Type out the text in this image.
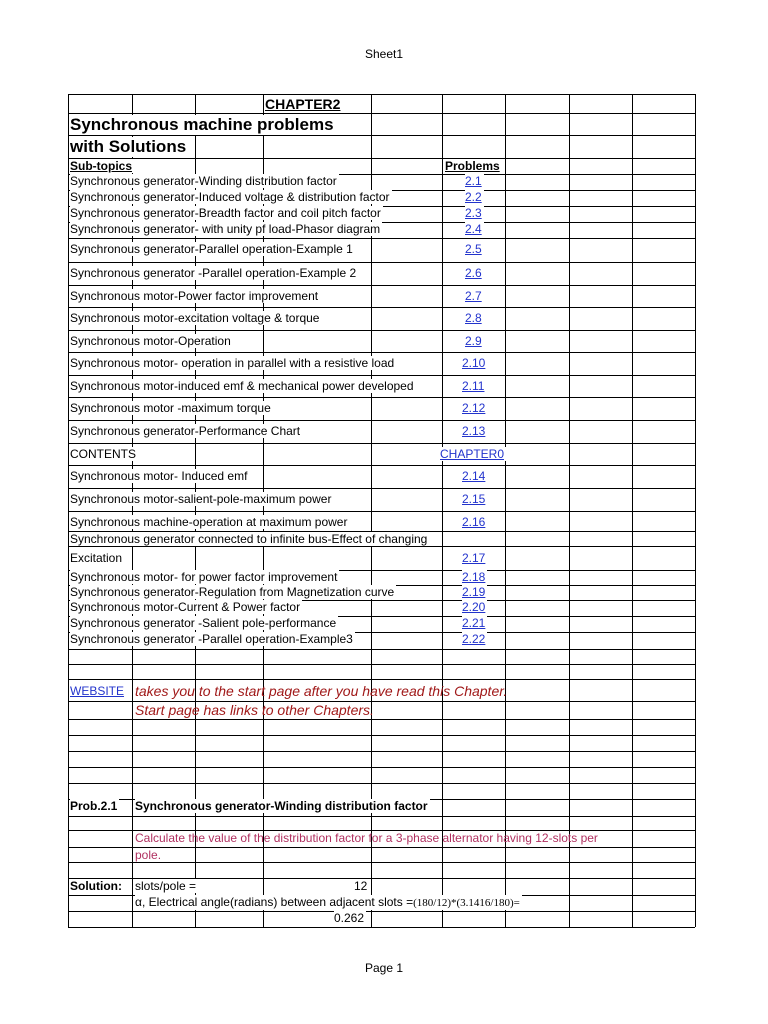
Sheet1
CHAPTER2
Synchronous machine problems
with Solutions
Sub-topics	Problems
Synchronous generator-Winding distribution factor	2.1
Synchronous generator-Induced voltage & distribution factor	2.2
Synchronous generator-Breadth factor and coil pitch factor	2.3
Synchronous generator- with unity pf load-Phasor diagram	2.4
Synchronous generator-Parallel operation-Example 1	2.5
Synchronous generator -Parallel operation-Example 2	2.6
Synchronous motor-Power factor improvement	2.7
Synchronous motor-excitation voltage & torque	2.8
Synchronous motor-Operation	2.9
Synchronous motor- operation in parallel with a resistive load	2.10
Synchronous motor-induced emf & mechanical power developed	2.11
Synchronous motor -maximum torque	2.12
Synchronous generator-Performance Chart	2.13
CONTENTS	CHAPTER0
Synchronous motor- Induced emf	2.14
Synchronous motor-salient-pole-maximum power	2.15
Synchronous machine-operation at maximum power	2.16
Synchronous generator connected to infinite bus-Effect of changing
Excitation	2.17
Synchronous motor- for power factor improvement	2.18
Synchronous generator-Regulation from Magnetization curve	2.19
Synchronous motor-Current & Power factor	2.20
Synchronous generator -Salient pole-performance	2.21
Synchronous generator -Parallel operation-Example3	2.22
WEBSITE takes you to the start page after you have read this Chapter.
Start page has links to other Chapters.
Prob.2.1 Synchronous generator-Winding distribution factor
Calculate the value of the distribution factor for a 3-phase alternator having 12-slots per
pole.
Solution: slots/pole =	12
α, Electrical angle(radians) between adjacent slots =(180/12)*(3.1416/180)=
0.262
Page 1
